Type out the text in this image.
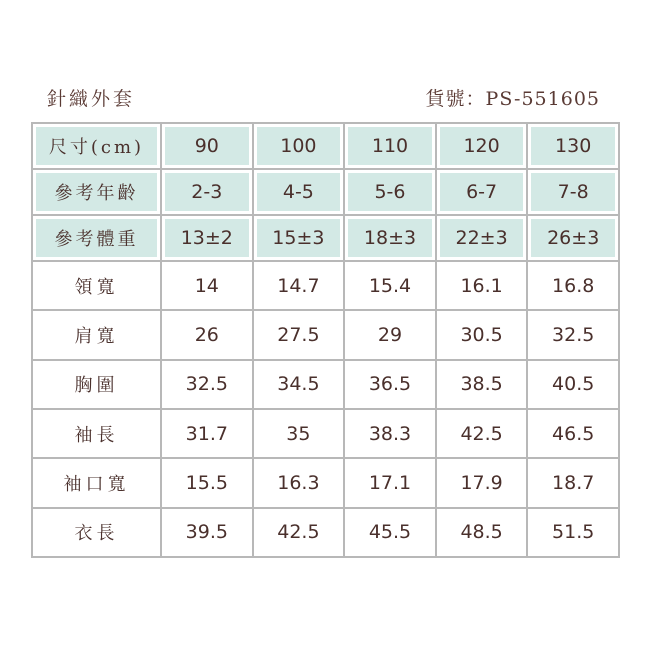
針織外套	貨號：PS-551605
尺寸(cm)	90	100	110	120	130
參考年齡	2-3	4-5	5-6	6-7	7-8
參考體重	13±2	15±3	18±3	22±3	26±3
領寬	14	14.7	15.4	16.1	16.8
肩寬	26	27.5	29	30.5	32.5
胸圍	32.5	34.5	36.5	38.5	40.5
袖長	31.7	35	38.3	42.5	46.5
袖口寬	15.5	16.3	17.1	17.9	18.7
衣長	39.5	42.5	45.5	48.5	51.5
